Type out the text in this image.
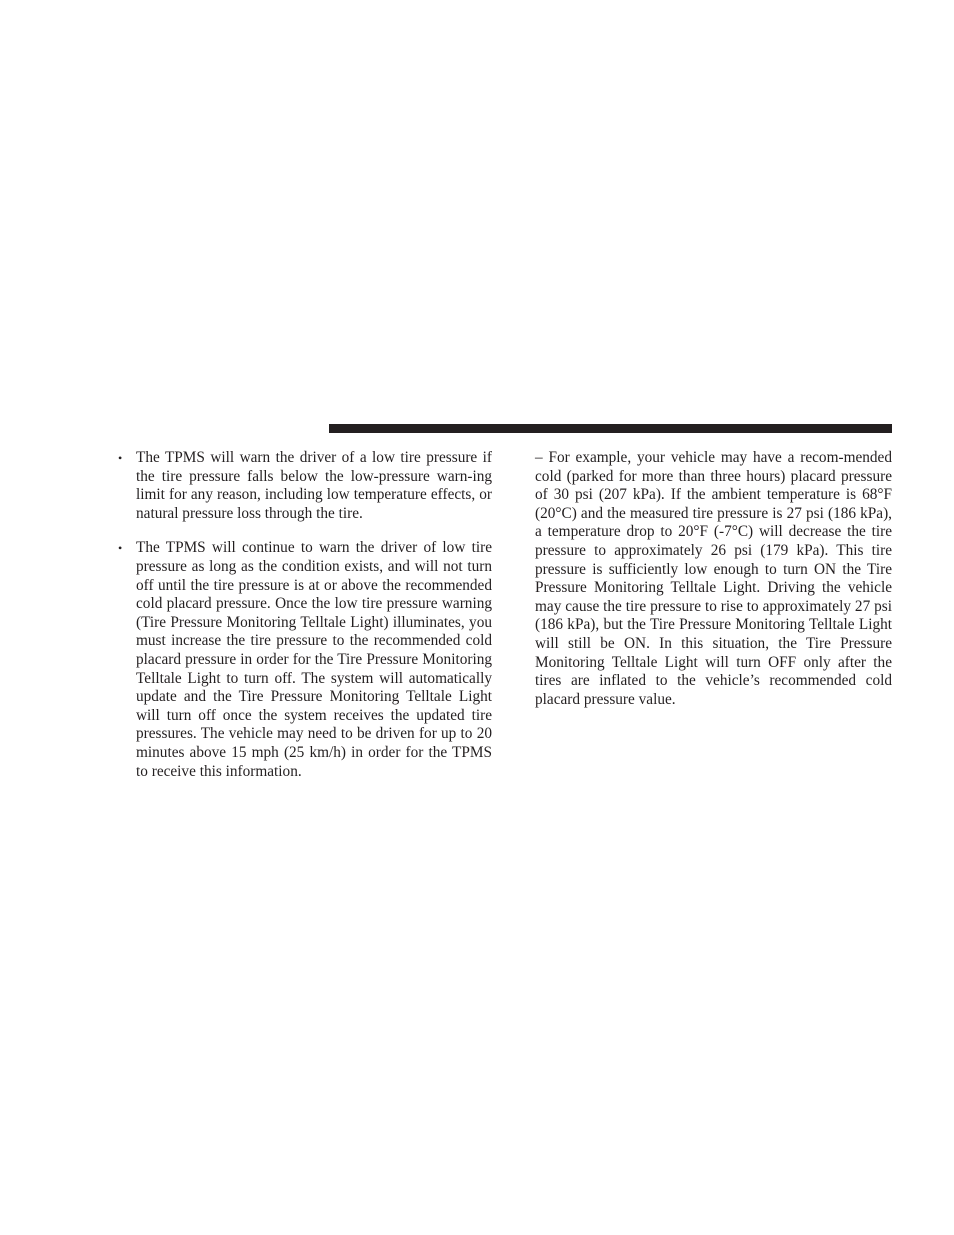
• The TPMS will warn the driver of a low tire pressure if the tire pressure falls below the low-pressure warn-ing limit for any reason, including low temperature effects, or natural pressure loss through the tire.
• The TPMS will continue to warn the driver of low tire pressure as long as the condition exists, and will not turn off until the tire pressure is at or above the recommended cold placard pressure. Once the low tire pressure warning (Tire Pressure Monitoring Telltale Light) illuminates, you must increase the tire pressure to the recommended cold placard pressure in order for the Tire Pressure Monitoring Telltale Light to turn off. The system will automatically update and the Tire Pressure Monitoring Telltale Light will turn off once the system receives the updated tire pressures. The vehicle may need to be driven for up to 20 minutes above 15 mph (25 km/h) in order for the TPMS to receive this information.

– For example, your vehicle may have a recom-mended cold (parked for more than three hours) placard pressure of 30 psi (207 kPa). If the ambient temperature is 68°F (20°C) and the measured tire pressure is 27 psi (186 kPa), a temperature drop to 20°F (-7°C) will decrease the tire pressure to approximately 26 psi (179 kPa). This tire pressure is sufficiently low enough to turn ON the Tire Pressure Monitoring Telltale Light. Driving the vehicle may cause the tire pressure to rise to approximately 27 psi (186 kPa), but the Tire Pressure Monitoring Telltale Light will still be ON. In this situation, the Tire Pressure Monitoring Telltale Light will turn OFF only after the tires are inflated to the vehicle’s recommended cold placard pressure value.
